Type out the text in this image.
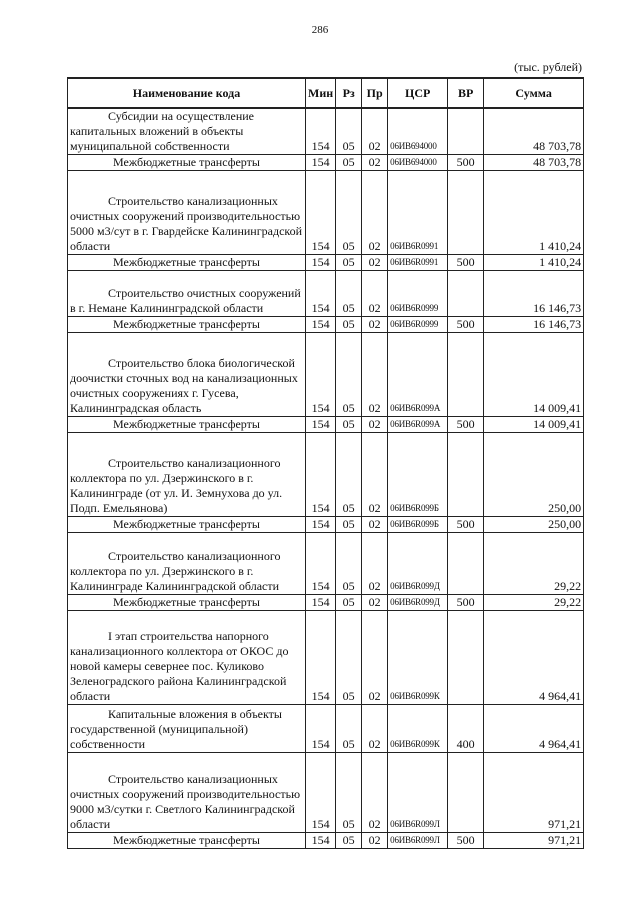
286
(тыс. рублей)
Наименование кода	Мин	Рз	Пр	ЦСР	ВР	Сумма

Субсидии на осуществление капитальных вложений в объекты муниципальной собственности	154	05	02	06ИВ694000		48 703,78

Межбюджетные трансферты	154	05	02	06ИВ694000	500	48 703,78

Строительство канализационных очистных сооружений производительностью 5000 м3/сут в г. Гвардейске Калининградской области	154	05	02	06ИВ6R0991		1 410,24

Межбюджетные трансферты	154	05	02	06ИВ6R0991	500	1 410,24

Строительство очистных сооружений в г. Немане Калининградской области	154	05	02	06ИВ6R0999		16 146,73

Межбюджетные трансферты	154	05	02	06ИВ6R0999	500	16 146,73

Строительство блока биологической доочистки сточных вод на канализационных очистных сооружениях г. Гусева, Калининградская область	154	05	02	06ИВ6R099А		14 009,41

Межбюджетные трансферты	154	05	02	06ИВ6R099А	500	14 009,41

Строительство канализационного коллектора по ул. Дзержинского в г. Калининграде (от ул. И. Земнухова до ул. Подп. Емельянова)	154	05	02	06ИВ6R099Б		250,00

Межбюджетные трансферты	154	05	02	06ИВ6R099Б	500	250,00

Строительство канализационного коллектора по ул. Дзержинского в г. Калининграде Калининградской области	154	05	02	06ИВ6R099Д		29,22

Межбюджетные трансферты	154	05	02	06ИВ6R099Д	500	29,22

I этап строительства напорного канализационного коллектора от ОКОС до новой камеры севернее пос. Куликово Зеленоградского района Калининградской области	154	05	02	06ИВ6R099К		4 964,41

Капитальные вложения в объекты государственной (муниципальной) собственности	154	05	02	06ИВ6R099К	400	4 964,41

Строительство канализационных очистных сооружений производительностью 9000 м3/сутки г. Светлого Калининградской области	154	05	02	06ИВ6R099Л		971,21

Межбюджетные трансферты	154	05	02	06ИВ6R099Л	500	971,21
